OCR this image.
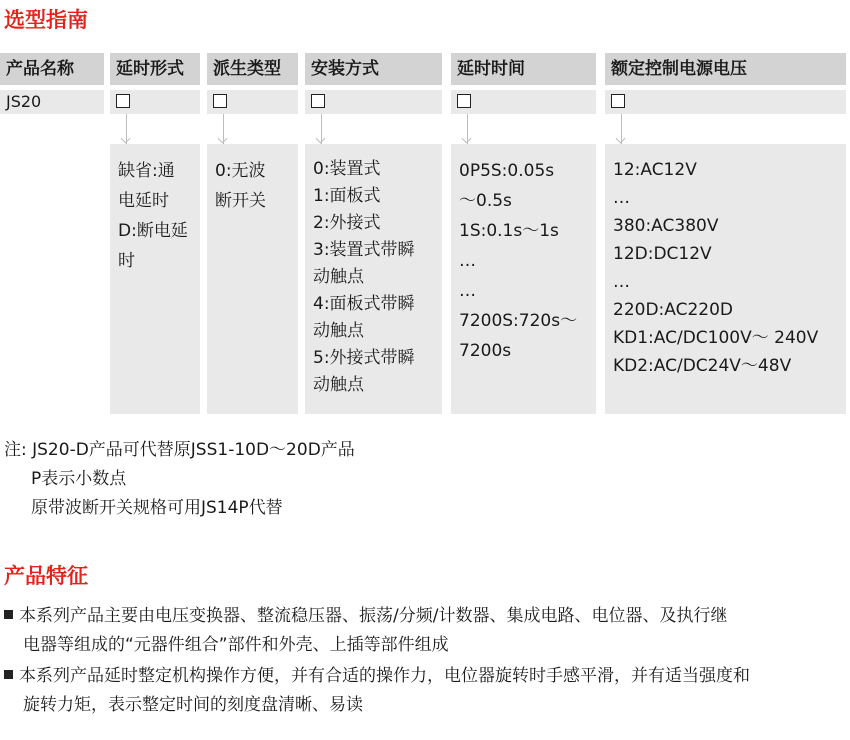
选型指南
产品名称
JS20
延时形式
缺省:通
电延时
D:断电延
时
派生类型
0:无波
断开关
安装方式
0:装置式
1:面板式
2:外接式
3:装置式带瞬
动触点
4:面板式带瞬
动触点
5:外接式带瞬
动触点
延时时间
0P5S:0.05s
～0.5s
1S:0.1s～1s
…
…
7200S:720s～
7200s
额定控制电源电压
12:AC12V
…
380:AC380V
12D:DC12V
…
220D:AC220D
KD1:AC/DC100V～ 240V
KD2:AC/DC24V～48V
注: JS20-D产品可代替原JSS1-10D～20D产品
P表示小数点
原带波断开关规格可用JS14P代替
产品特征
本系列产品主要由电压变换器、整流稳压器、振荡/分频/计数器、集成电路、电位器、及执行继
电器等组成的“元器件组合”部件和外壳、上插等部件组成
本系列产品延时整定机构操作方便，并有合适的操作力，电位器旋转时手感平滑，并有适当强度和
旋转力矩，表示整定时间的刻度盘清晰、易读
